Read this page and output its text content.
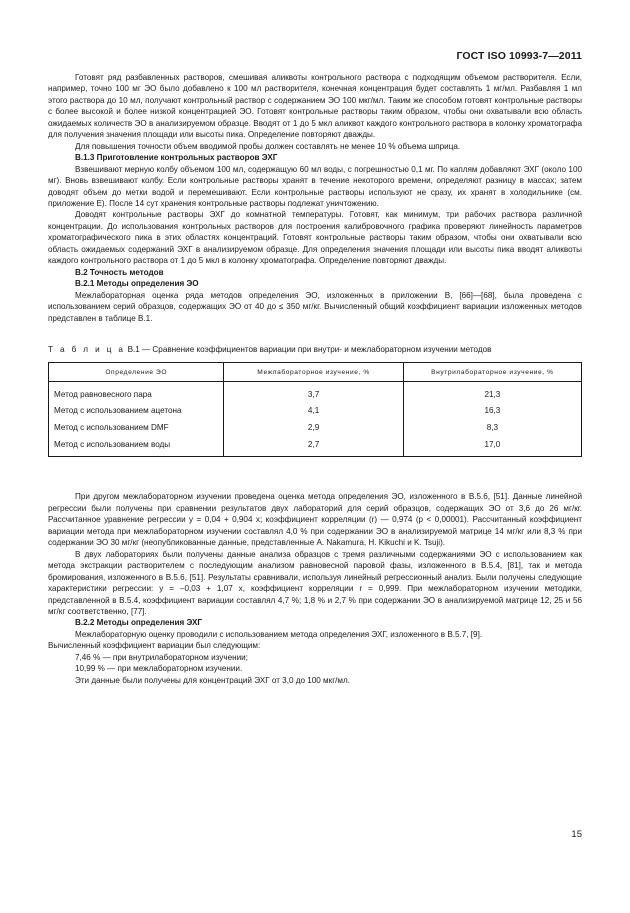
ГОСТ ISO 10993-7—2011

Готовят ряд разбавленных растворов, смешивая аликвоты контрольного раствора с подходящим объемом растворителя. Если, например, точно 100 мг ЭО было добавлено к 100 мл растворителя, конечная концентрация будет составлять 1 мг/мл. Разбавляя 1 мл этого раствора до 10 мл, получают контрольный раствор с содержанием ЭО 100 мкг/мл. Таким же способом готовят контрольные растворы с более высокой и более низкой концентрацией ЭО. Готовят контрольные растворы таким образом, чтобы они охватывали всю область ожидаемых количеств ЭО в анализируемом образце. Вводят от 1 до 5 мкл аликвот каждого контрольного раствора в колонку хроматографа для получения значения площади или высоты пика. Определение повторяют дважды.

Для повышения точности объем вводимой пробы должен составлять не менее 10 % объема шприца.

В.1.3 Приготовление контрольных растворов ЭХГ

Взвешивают мерную колбу объемом 100 мл, содержащую 60 мл воды, с погрешностью 0,1 мг. По каплям добавляют ЭХГ (около 100 мг). Вновь взвешивают колбу. Если контрольные растворы хранят в течение некоторого времени, определяют разницу в массах; затем доводят объем до метки водой и перемешивают. Если контрольные растворы используют не сразу, их хранят в холодильнике (см. приложение Е). После 14 сут хранения контрольные растворы подлежат уничтожению.

Доводят контрольные растворы ЭХГ до комнатной температуры. Готовят, как минимум, три рабочих раствора различной концентрации. До использования контрольных растворов для построения калибровочного графика проверяют линейность параметров хроматографического пика в этих областях концентраций. Готовят контрольные растворы таким образом, чтобы они охватывали всю область ожидаемых содержаний ЭХГ в анализируемом образце. Для определения значения площади или высоты пика вводят аликвоты каждого контрольного раствора от 1 до 5 мкл в колонку хроматографа. Определение повторяют дважды.

В.2 Точность методов

В.2.1 Методы определения ЭО

Межлабораторная оценка ряда методов определения ЭО, изложенных в приложении В, [66]—[68], была проведена с использованием серий образцов, содержащих ЭО от 40 до ≤ 350 мг/кг. Вычисленный общий коэффициент вариации изложенных методов представлен в таблице В.1.

Т а б л и ц а В.1 — Сравнение коэффициентов вариации при внутри- и межлабораторном изучении методов
Определение ЭО	Межлабораторное изучение, %	Внутрилабораторное изучение, %
Метод равновесного пара	3,7	21,3
Метод с использованием ацетона	4,1	16,3
Метод с использованием DMF	2,9	8,3
Метод с использованием воды	2,7	17,0

При другом межлабораторном изучении проведена оценка метода определения ЭО, изложенного в В.5.6, [51]. Данные линейной регрессии были получены при сравнении результатов двух лабораторий для серий образцов, содержащих ЭО от 3,6 до 26 мг/кг. Рассчитанное уравнение регрессии y = 0,04 + 0,904 x; коэффициент корреляции (r) — 0,974 (p < 0,00001). Рассчитанный коэффициент вариации метода при межлабораторном изучении составлял 4,0 % при содержании ЭО в анализируемой матрице 14 мг/кг или 8,3 % при содержании ЭО 30 мг/кг (неопубликованные данные, представленные A. Nakamura, H. Kikuchi и K. Tsuji).

В двух лабораториях были получены данные анализа образцов с тремя различными содержаниями ЭО с использованием как метода экстракции растворителем с последующим анализом равновесной паровой фазы, изложенного в В.5.4, [81], так и метода бромирования, изложенного в В.5.6, [51]. Результаты сравнивали, используя линейный регрессионный анализ. Были получены следующие характеристики регрессии: y = –0,03 + 1,07 x, коэффициент корреляции r = 0,999. При межлабораторном изучении методики, представленной в В.5.4, коэффициент вариации составлял 4,7 %; 1,8 % и 2,7 % при содержании ЭО в анализируемой матрице 12, 25 и 56 мг/кг соответственно, [77].

В.2.2 Методы определения ЭХГ

Межлабораторную оценку проводили с использованием метода определения ЭХГ, изложенного в В.5.7, [9].

Вычисленный коэффициент вариации был следующим:

7,46 % — при внутрилабораторном изучении;

10,99 % — при межлабораторном изучении.

Эти данные были получены для концентраций ЭХГ от 3,0 до 100 мкг/мл.

15
